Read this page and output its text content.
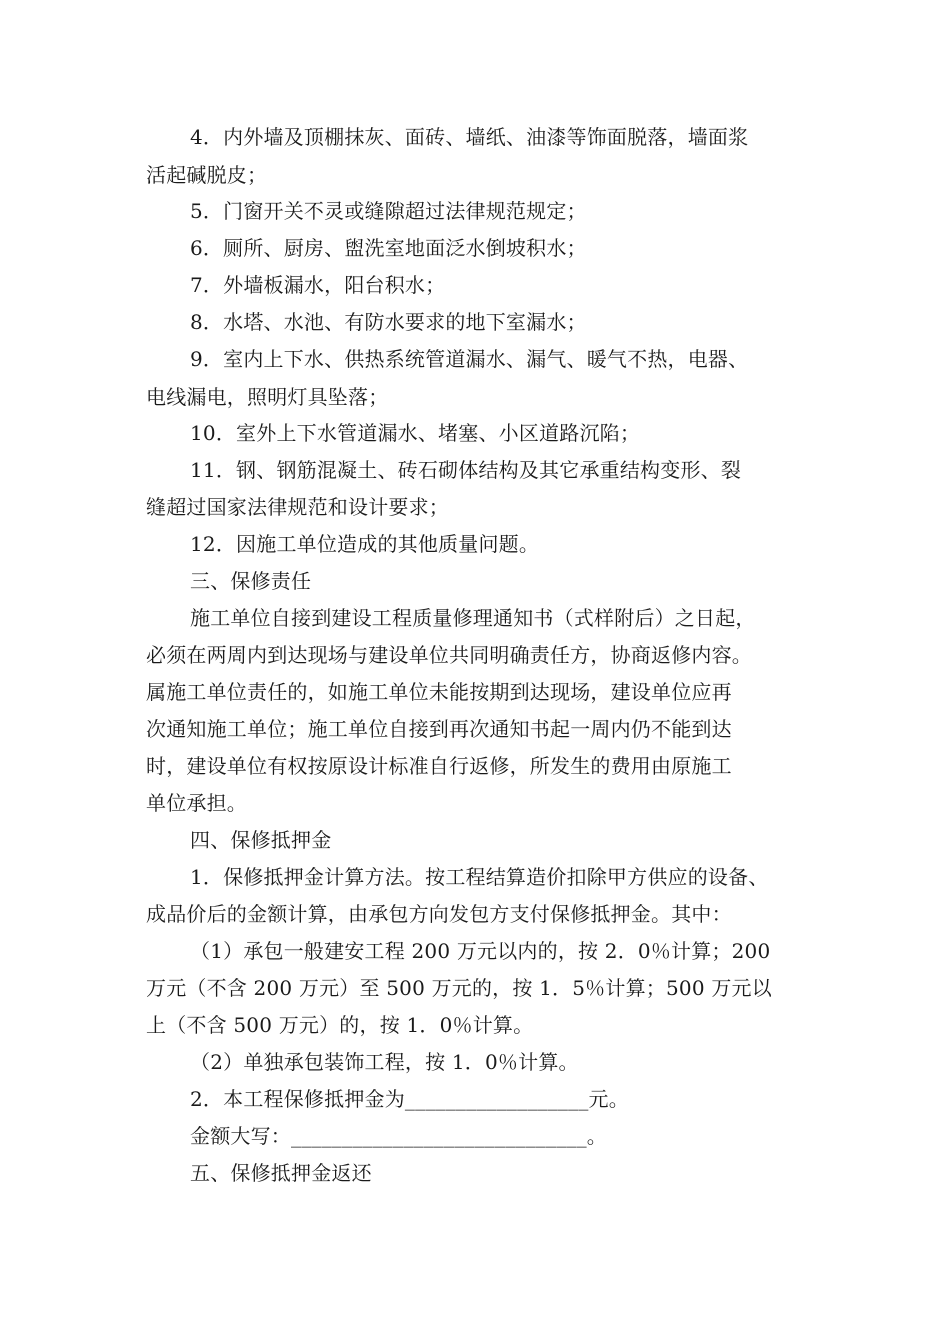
4．内外墙及顶棚抹灰、面砖、墙纸、油漆等饰面脱落，墙面浆
活起碱脱皮；
5．门窗开关不灵或缝隙超过法律规范规定；
6．厕所、厨房、盥洗室地面泛水倒坡积水；
7．外墙板漏水，阳台积水；
8．水塔、水池、有防水要求的地下室漏水；
9．室内上下水、供热系统管道漏水、漏气、暖气不热，电器、
电线漏电，照明灯具坠落；
10．室外上下水管道漏水、堵塞、小区道路沉陷；
11．钢、钢筋混凝土、砖石砌体结构及其它承重结构变形、裂
缝超过国家法律规范和设计要求；
12．因施工单位造成的其他质量问题。
三、保修责任
施工单位自接到建设工程质量修理通知书（式样附后）之日起，
必须在两周内到达现场与建设单位共同明确责任方，协商返修内容。
属施工单位责任的，如施工单位未能按期到达现场，建设单位应再
次通知施工单位；施工单位自接到再次通知书起一周内仍不能到达
时，建设单位有权按原设计标准自行返修，所发生的费用由原施工
单位承担。
四、保修抵押金
1．保修抵押金计算方法。按工程结算造价扣除甲方供应的设备、
成品价后的金额计算，由承包方向发包方支付保修抵押金。其中：
（1）承包一般建安工程 200 万元以内的，按 2．0％计算；200
万元（不含 200 万元）至 500 万元的，按 1．5％计算；500 万元以
上（不含 500 万元）的，按 1．0％计算。
（2）单独承包装饰工程，按 1．0％计算。
2．本工程保修抵押金为__________________元。
金额大写：_____________________________。
五、保修抵押金返还
